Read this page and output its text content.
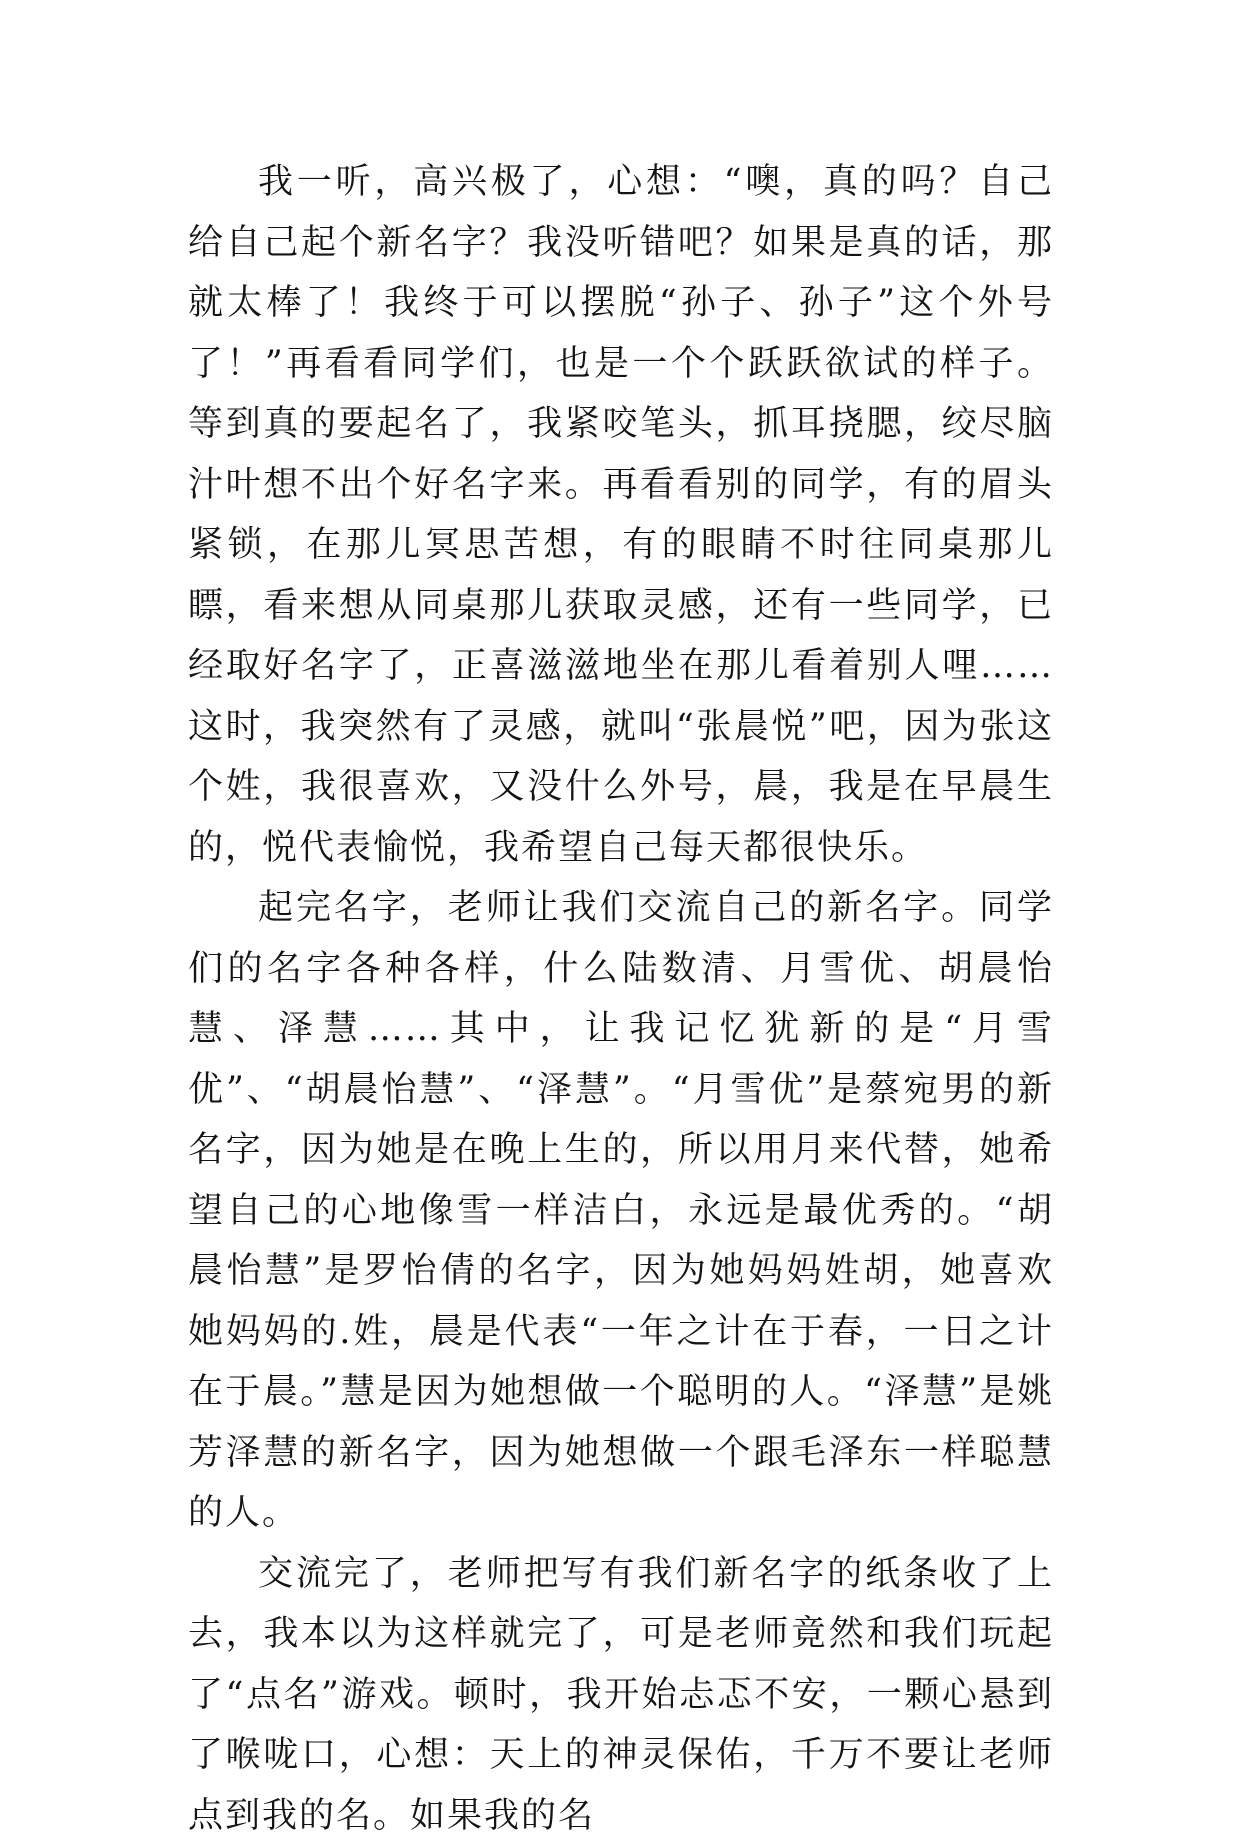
我一听，高兴极了，心想：“噢，真的吗？自己给自己起个新名字？我没听错吧？如果是真的话，那就太棒了！我终于可以摆脱“孙子、孙子”这个外号了！”再看看同学们，也是一个个跃跃欲试的样子。等到真的要起名了，我紧咬笔头，抓耳挠腮，绞尽脑汁叶想不出个好名字来。再看看别的同学，有的眉头紧锁，在那儿冥思苦想，有的眼睛不时往同桌那儿瞟，看来想从同桌那儿获取灵感，还有一些同学，已经取好名字了，正喜滋滋地坐在那儿看着别人哩……这时，我突然有了灵感，就叫“张晨悦”吧，因为张这个姓，我很喜欢，又没什么外号，晨，我是在早晨生的，悦代表愉悦，我希望自己每天都很快乐。

起完名字，老师让我们交流自己的新名字。同学们的名字各种各样，什么陆数清、月雪优、胡晨怡慧、泽慧……其中，让我记忆犹新的是“月雪优”、“胡晨怡慧”、“泽慧”。“月雪优”是蔡宛男的新名字，因为她是在晚上生的，所以用月来代替，她希望自己的心地像雪一样洁白，永远是最优秀的。“胡晨怡慧”是罗怡倩的名字，因为她妈妈姓胡，她喜欢她妈妈的.姓，晨是代表“一年之计在于春，一日之计在于晨。”慧是因为她想做一个聪明的人。“泽慧”是姚芳泽慧的新名字，因为她想做一个跟毛泽东一样聪慧的人。

交流完了，老师把写有我们新名字的纸条收了上去，我本以为这样就完了，可是老师竟然和我们玩起了“点名”游戏。顿时，我开始忐忑不安，一颗心悬到了喉咙口，心想：天上的神灵保佑，千万不要让老师点到我的名。如果我的名
